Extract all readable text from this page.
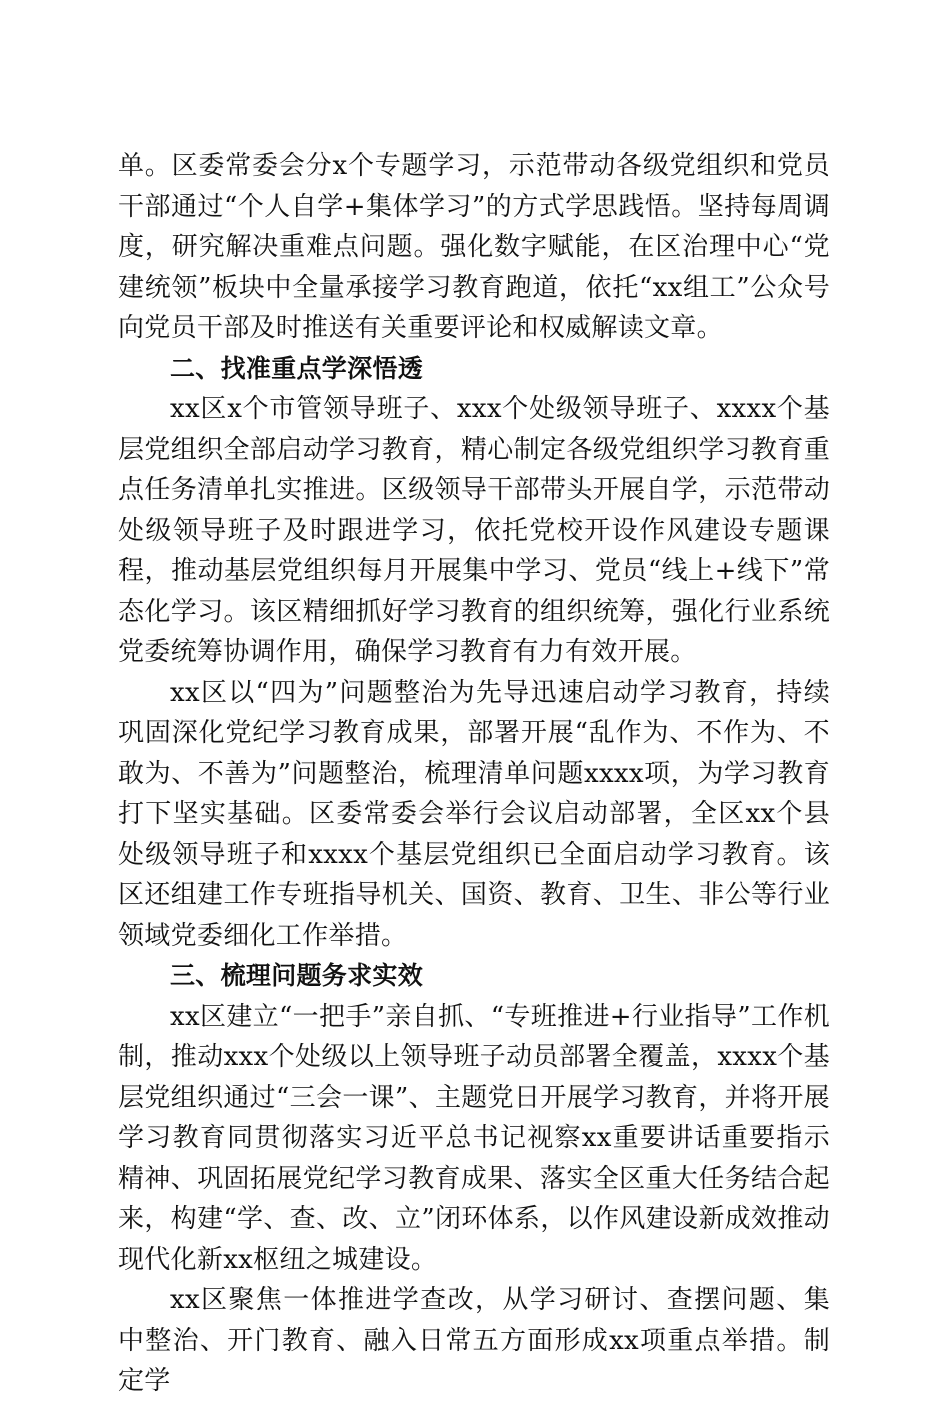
单。区委常委会分x个专题学习，示范带动各级党组织和党员干部通过“个人自学+集体学习”的方式学思践悟。坚持每周调度，研究解决重难点问题。强化数字赋能，在区治理中心“党建统领”板块中全量承接学习教育跑道，依托“xx组工”公众号向党员干部及时推送有关重要评论和权威解读文章。

二、找准重点学深悟透

xx区x个市管领导班子、xxx个处级领导班子、xxxx个基层党组织全部启动学习教育，精心制定各级党组织学习教育重点任务清单扎实推进。区级领导干部带头开展自学，示范带动处级领导班子及时跟进学习，依托党校开设作风建设专题课程，推动基层党组织每月开展集中学习、党员“线上+线下”常态化学习。该区精细抓好学习教育的组织统筹，强化行业系统党委统筹协调作用，确保学习教育有力有效开展。

xx区以“四为”问题整治为先导迅速启动学习教育，持续巩固深化党纪学习教育成果，部署开展“乱作为、不作为、不敢为、不善为”问题整治，梳理清单问题xxxx项，为学习教育打下坚实基础。区委常委会举行会议启动部署，全区xx个县处级领导班子和xxxx个基层党组织已全面启动学习教育。该区还组建工作专班指导机关、国资、教育、卫生、非公等行业领域党委细化工作举措。

三、梳理问题务求实效

xx区建立“一把手”亲自抓、“专班推进+行业指导”工作机制，推动xxx个处级以上领导班子动员部署全覆盖，xxxx个基层党组织通过“三会一课”、主题党日开展学习教育，并将开展学习教育同贯彻落实习近平总书记视察xx重要讲话重要指示精神、巩固拓展党纪学习教育成果、落实全区重大任务结合起来，构建“学、查、改、立”闭环体系，以作风建设新成效推动现代化新xx枢纽之城建设。

xx区聚焦一体推进学查改，从学习研讨、查摆问题、集中整治、开门教育、融入日常五方面形成xx项重点举措。制定学
